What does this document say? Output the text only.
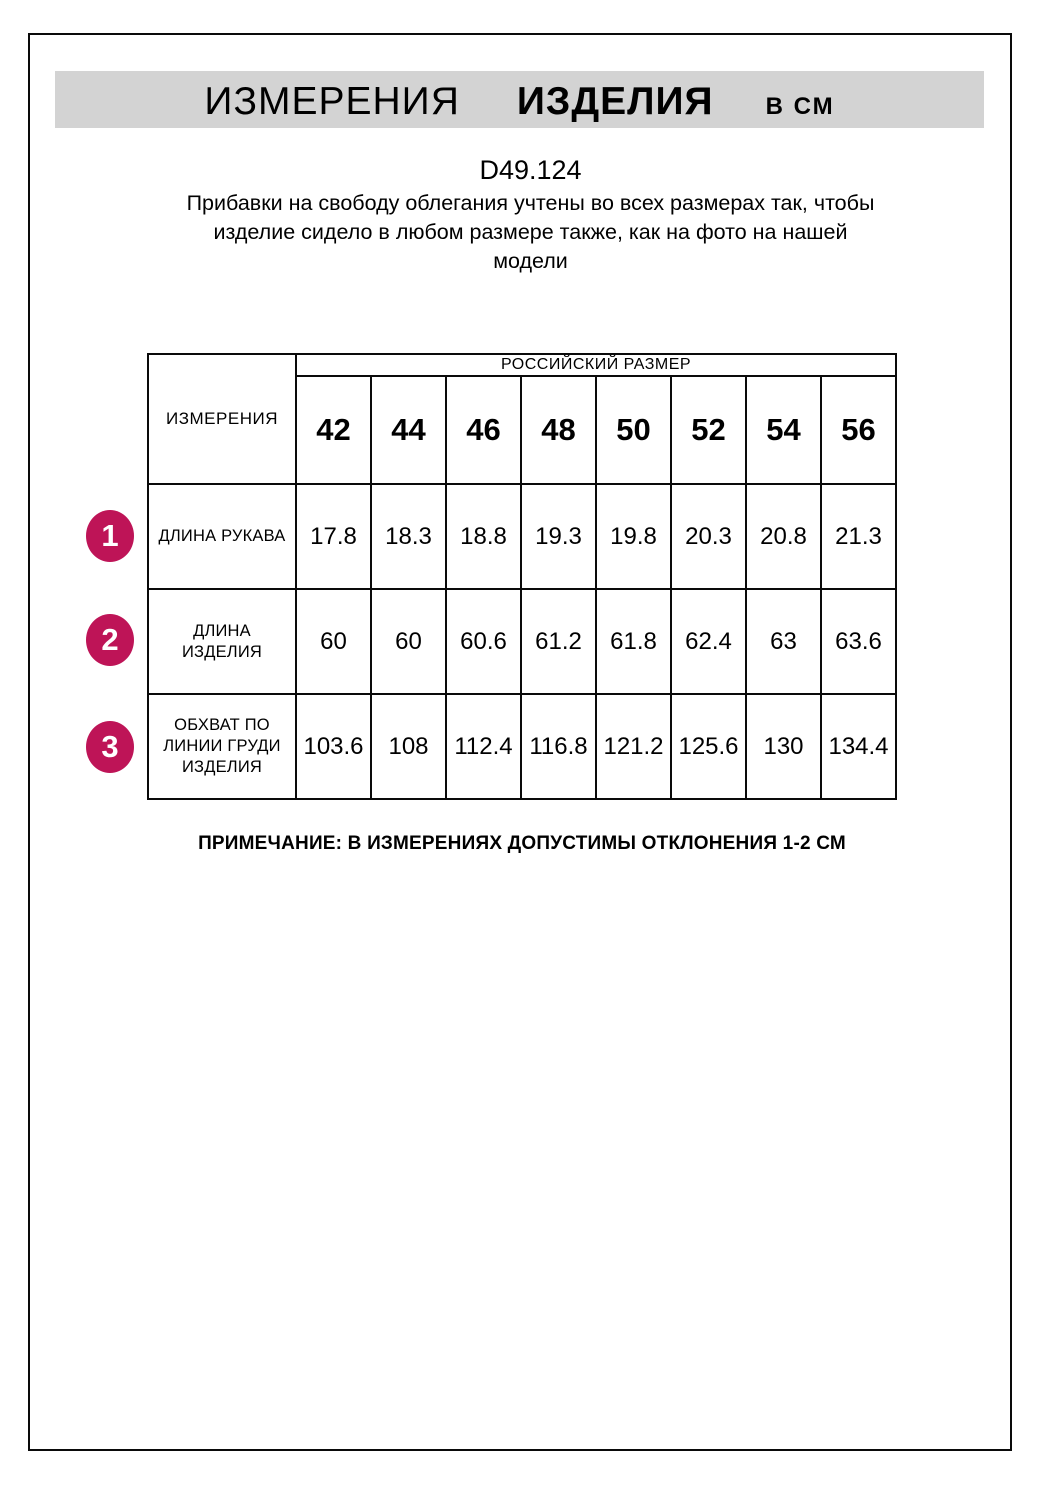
ИЗМЕРЕНИЯ ИЗДЕЛИЯ В СМ
D49.124
Прибавки на свободу облегания учтены во всех размерах так, чтобы
изделие сидело в любом размере также, как на фото на нашей
модели
1
2
3
ИЗМЕРЕНИЯ	РОССИЙСКИЙ РАЗМЕР							
	42	44	46	48	50	52	54	56

ДЛИНА РУКАВА	17.8	18.3	18.8	19.3	19.8	20.3	20.8	21.3

ДЛИНА
ИЗДЕЛИЯ	60	60	60.6	61.2	61.8	62.4	63	63.6

ОБХВАТ ПО
ЛИНИИ ГРУДИ
ИЗДЕЛИЯ	103.6	108	112.4	116.8	121.2	125.6	130	134.4
ПРИМЕЧАНИЕ: В ИЗМЕРЕНИЯХ ДОПУСТИМЫ ОТКЛОНЕНИЯ 1-2 СМ
